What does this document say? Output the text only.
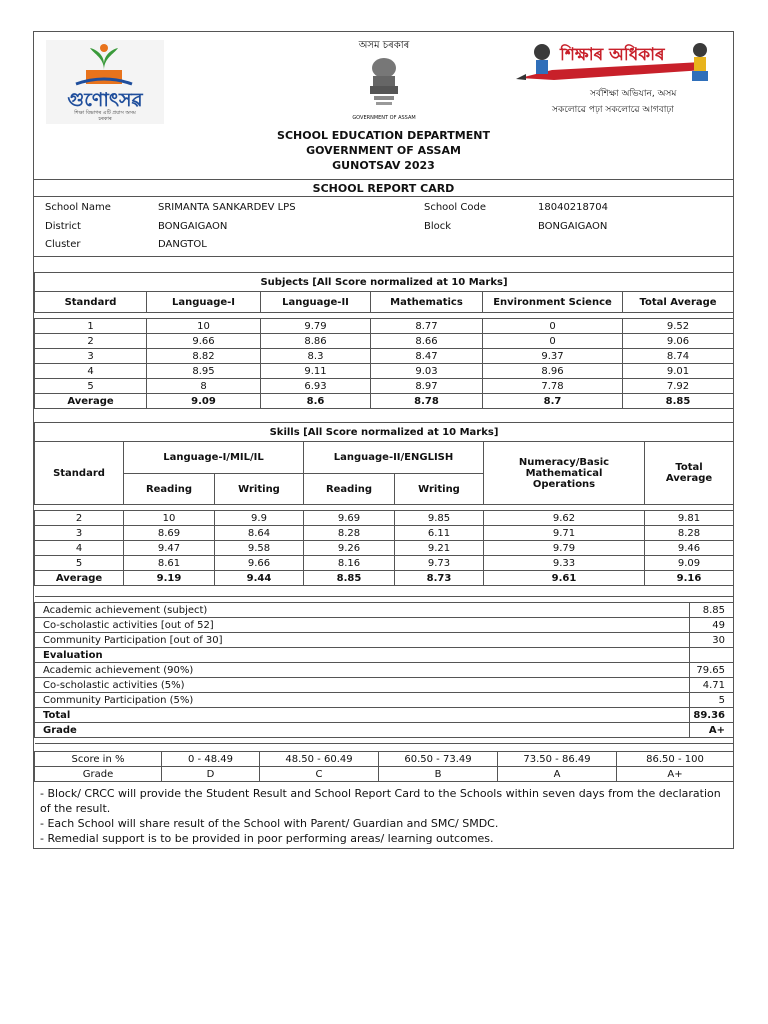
গুণোৎসৱ
শিক্ষা বিভাগৰ এটি প্ৰয়াস অসম চৰকাৰ
অসম চৰকাৰ
GOVERNMENT OF ASSAM
শিক্ষাৰ অধিকাৰ
সৰ্বশিক্ষা অভিযান, অসম
সকলোৱে পঢ়া সকলোৱে আগবাঢ়া
SCHOOL EDUCATION DEPARTMENT
GOVERNMENT OF ASSAM
GUNOTSAV 2023
SCHOOL REPORT CARD
School Name	SRIMANTA SANKARDEV LPS	School Code	18040218704
District	BONGAIGAON	Block	BONGAIGAON
Cluster	DANGTOL
Subjects [All Score normalized at 10 Marks]					
Standard	Language-I	Language-II	Mathematics	Environment Science	Total Average

1	10	9.79	8.77	0	9.52
2	9.66	8.86	8.66	0	9.06
3	8.82	8.3	8.47	9.37	8.74
4	8.95	9.11	9.03	8.96	9.01
5	8	6.93	8.97	7.78	7.92
Average	9.09	8.6	8.78	8.7	8.85
Skills [All Score normalized at 10 Marks]						
Standard	Language-I/MIL/IL		Language-II/ENGLISH		Numeracy/Basic Mathematical Operations	Total Average
	Reading	Writing	Reading	Writing		

2	10	9.9	9.69	9.85	9.62	9.81
3	8.69	8.64	8.28	6.11	9.71	8.28
4	9.47	9.58	9.26	9.21	9.79	9.46
5	8.61	9.66	8.16	9.73	9.33	9.09
Average	9.19	9.44	8.85	8.73	9.61	9.16

Academic achievement (subject)	8.85
Co-scholastic activities [out of 52]	49
Community Participation [out of 30]	30
Evaluation	
Academic achievement (90%)	79.65
Co-scholastic activities (5%)	4.71
Community Participation (5%)	5
Total	89.36
Grade	A+

Score in %	0 - 48.49	48.50 - 60.49	60.50 - 73.49	73.50 - 86.49	86.50 - 100
Grade	D	C	B	A	A+
- Block/ CRCC will provide the Student Result and School Report Card to the Schools within seven days from the declaration of the result.
- Each School will share result of the School with Parent/ Guardian and SMC/ SMDC.
- Remedial support is to be provided in poor performing areas/ learning outcomes.
